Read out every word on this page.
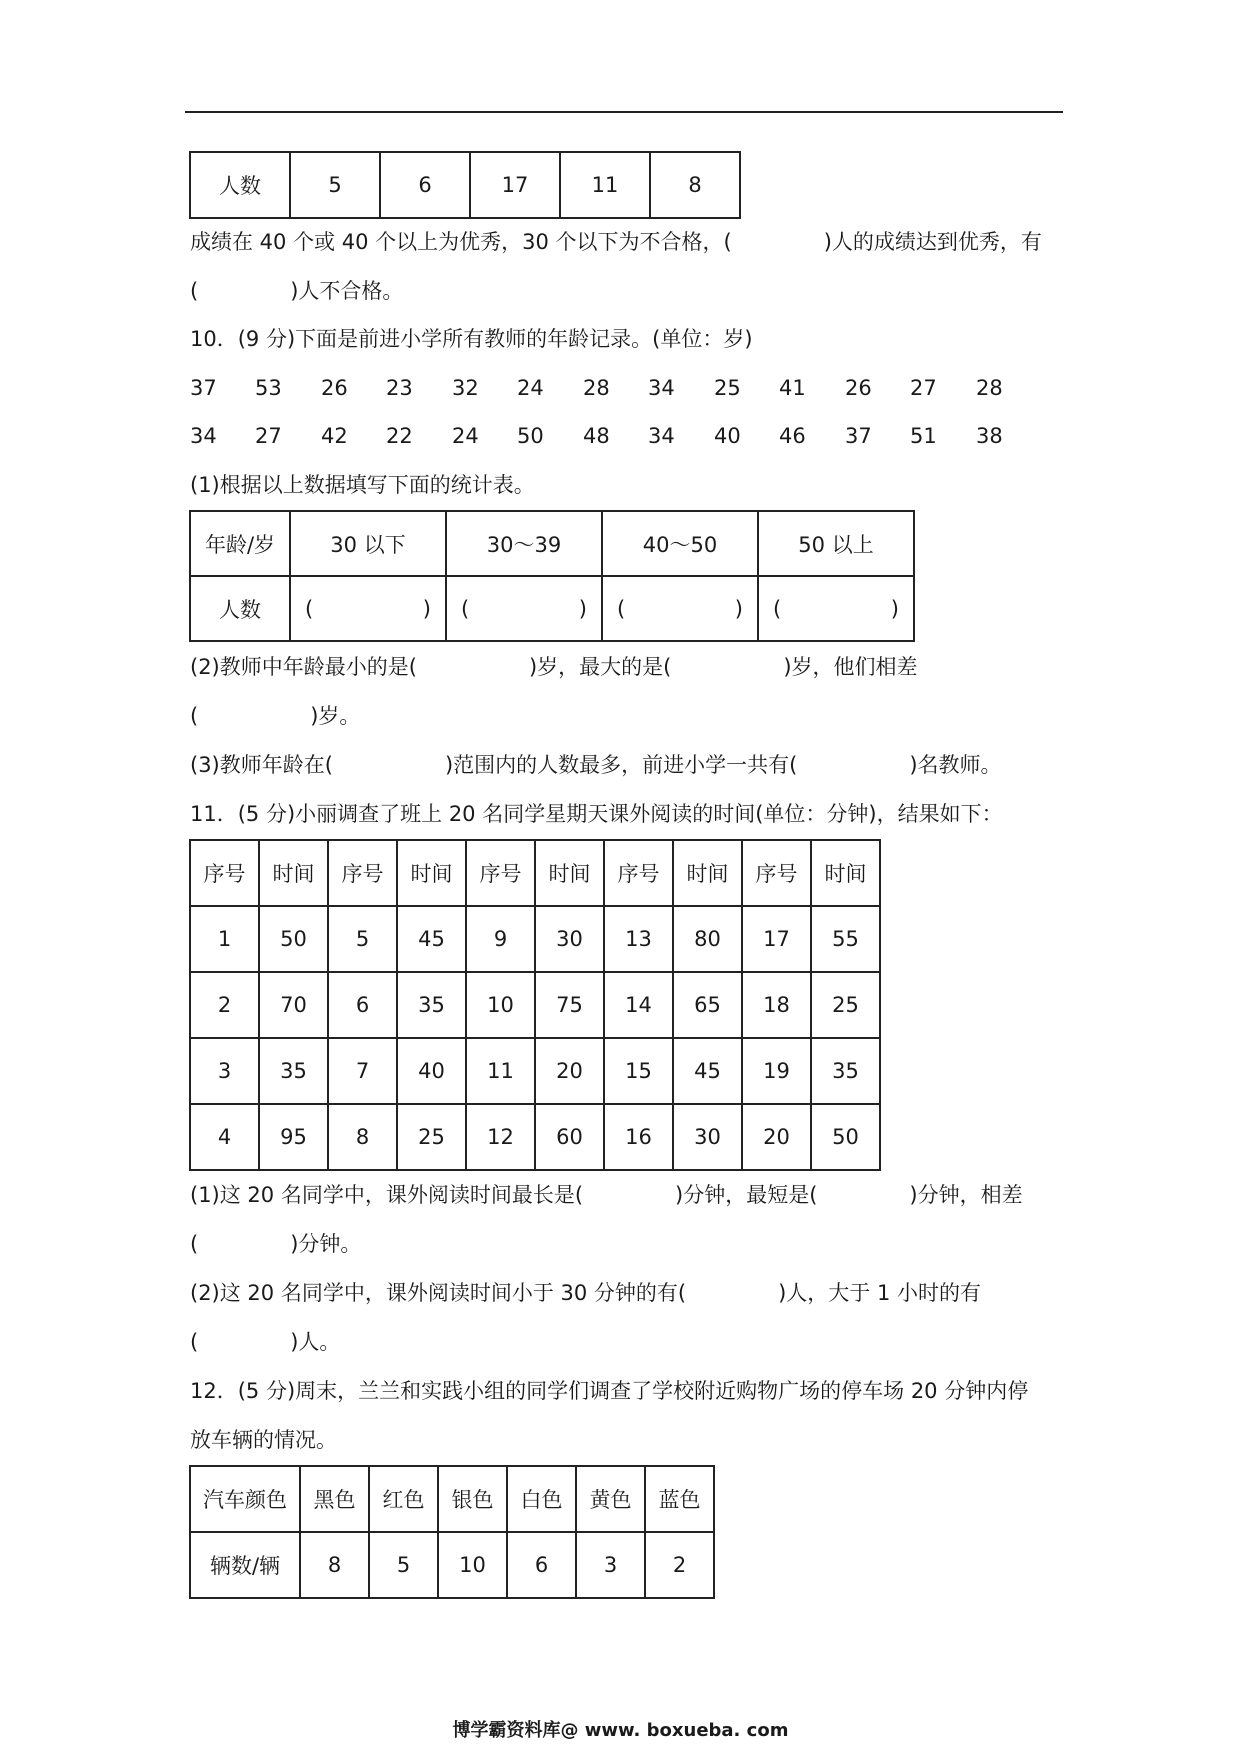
人数	5	6	17	11	8
成绩在 40 个或 40 个以上为优秀，30 个以下为不合格，(	)人的成绩达到优秀，有
(	)人不合格。
10．(9 分)下面是前进小学所有教师的年龄记录。(单位：岁)
37	53	26	23	32	24	28	34	25	41	26	27	28
34	27	42	22	24	50	48	34	40	46	37	51	38
(1)根据以上数据填写下面的统计表。
年龄/岁	30 以下	30～39	40～50	50 以上
人数	( )	( )	( )	( )
(2)教师中年龄最小的是(	)岁，最大的是(	)岁，他们相差
(	)岁。
(3)教师年龄在(	)范围内的人数最多，前进小学一共有(	)名教师。
11．(5 分)小丽调查了班上 20 名同学星期天课外阅读的时间(单位：分钟)，结果如下：
序号	时间	序号	时间	序号	时间	序号	时间	序号	时间
1	50	5	45	9	30	13	80	17	55
2	70	6	35	10	75	14	65	18	25
3	35	7	40	11	20	15	45	19	35
4	95	8	25	12	60	16	30	20	50
(1)这 20 名同学中，课外阅读时间最长是(	)分钟，最短是(	)分钟，相差
(	)分钟。
(2)这 20 名同学中，课外阅读时间小于 30 分钟的有(	)人，大于 1 小时的有
(	)人。
12．(5 分)周末，兰兰和实践小组的同学们调查了学校附近购物广场的停车场 20 分钟内停
放车辆的情况。
汽车颜色	黑色	红色	银色	白色	黄色	蓝色
辆数/辆	8	5	10	6	3	2
博学霸资料库@ www. boxueba. com
